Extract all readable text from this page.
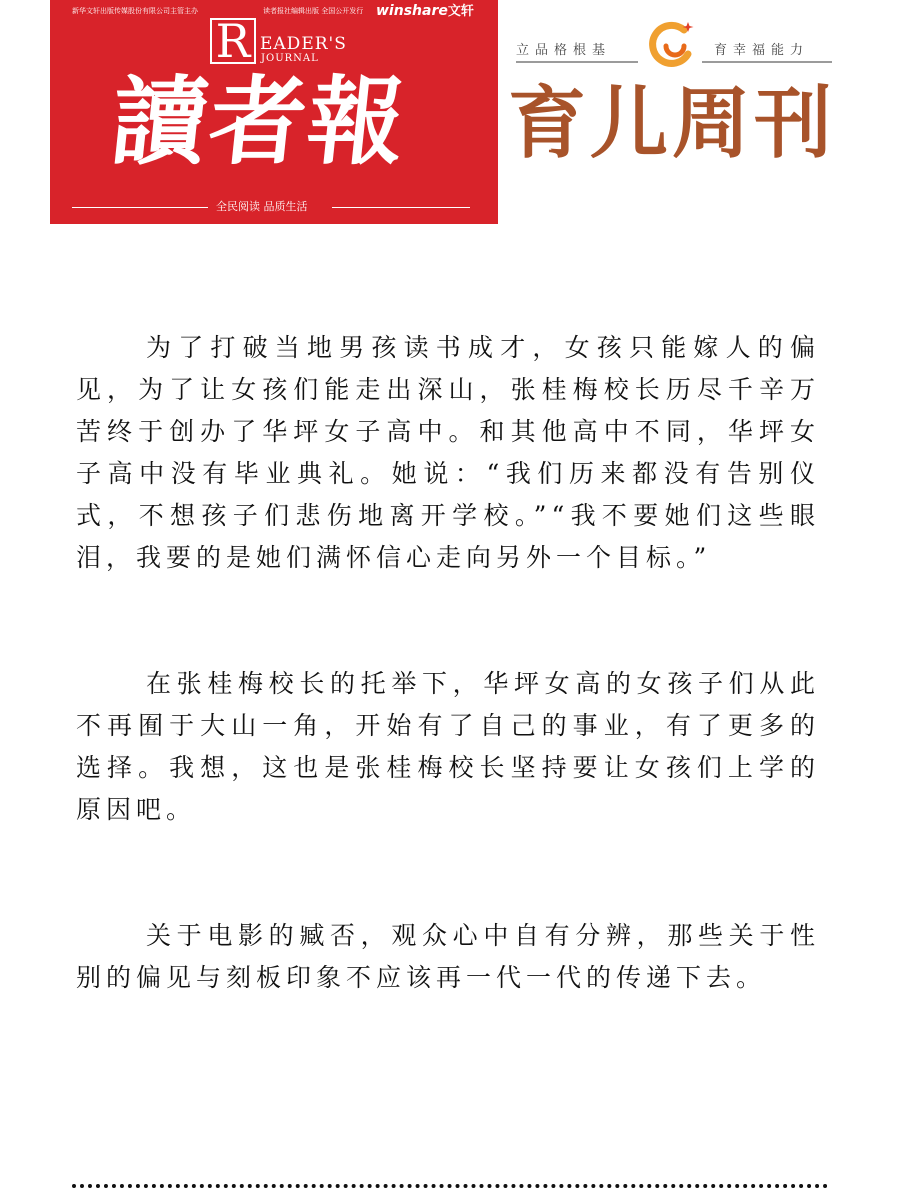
新华文轩出版传媒股份有限公司主管主办	读者报社编辑出版 全国公开发行 winshare文轩
R EADER'S
JOURNAL
讀者報
全民阅读 品质生活
立品格根基	育幸福能力
育儿周刊

为了打破当地男孩读书成才，女孩只能嫁人的偏见，为了让女孩们能走出深山，张桂梅校长历尽千辛万苦终于创办了华坪女子高中。和其他高中不同，华坪女子高中没有毕业典礼。她说：“我们历来都没有告别仪式，不想孩子们悲伤地离开学校。”“我不要她们这些眼泪，我要的是她们满怀信心走向另外一个目标。”

在张桂梅校长的托举下，华坪女高的女孩子们从此不再囿于大山一角，开始有了自己的事业，有了更多的选择。我想，这也是张桂梅校长坚持要让女孩们上学的原因吧。

关于电影的臧否，观众心中自有分辨，那些关于性别的偏见与刻板印象不应该再一代一代的传递下去。
